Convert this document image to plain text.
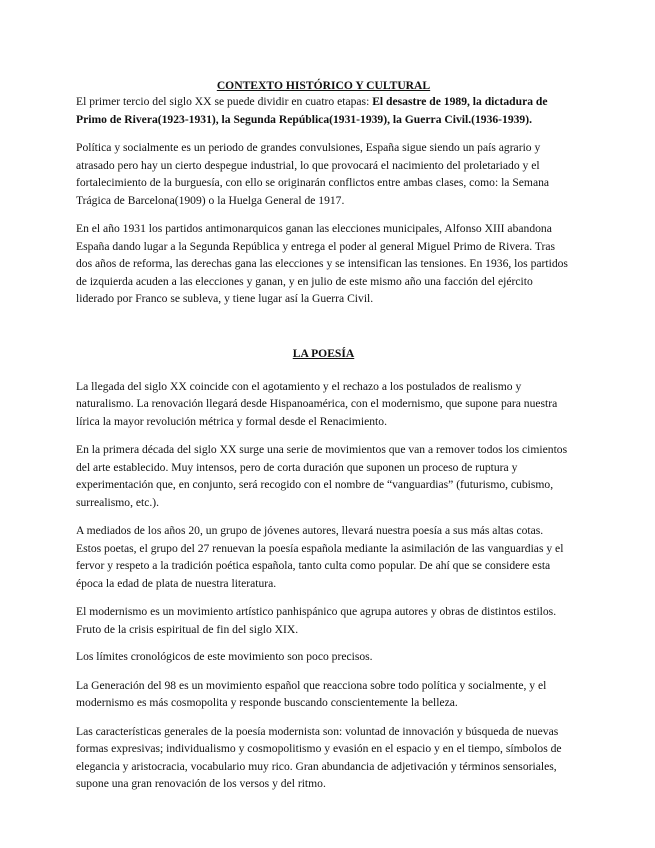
CONTEXTO HISTÓRICO Y CULTURAL

El primer tercio del siglo XX se puede dividir en cuatro etapas: El desastre de 1989, la dictadura de Primo de Rivera(1923-1931), la Segunda República(1931-1939), la Guerra Civil.(1936-1939).

Política y socialmente es un periodo de grandes convulsiones, España sigue siendo un país agrario y atrasado pero hay un cierto despegue industrial, lo que provocará el nacimiento del proletariado y el fortalecimiento de la burguesía, con ello se originarán conflictos entre ambas clases, como: la Semana Trágica de Barcelona(1909) o la Huelga General de 1917.

En el año 1931 los partidos antimonarquicos ganan las elecciones municipales, Alfonso XIII abandona España dando lugar a la Segunda República y entrega el poder al general Miguel Primo de Rivera. Tras dos años de reforma, las derechas gana las elecciones y se intensifican las tensiones. En 1936, los partidos de izquierda acuden a las elecciones y ganan, y en julio de este mismo año una facción del ejército liderado por Franco se subleva, y tiene lugar así la Guerra Civil.

LA POESÍA

La llegada del siglo XX coincide con el agotamiento y el rechazo a los postulados de realismo y naturalismo. La renovación llegará desde Hispanoamérica, con el modernismo, que supone para nuestra lírica la mayor revolución métrica y formal desde el Renacimiento.

En la primera década del siglo XX surge una serie de movimientos que van a remover todos los cimientos del arte establecido. Muy intensos, pero de corta duración que suponen un proceso de ruptura y experimentación que, en conjunto, será recogido con el nombre de “vanguardias” (futurismo, cubismo, surrealismo, etc.).

A mediados de los años 20, un grupo de jóvenes autores, llevará nuestra poesía a sus más altas cotas. Estos poetas, el grupo del 27 renuevan la poesía española mediante la asimilación de las vanguardias y el fervor y respeto a la tradición poética española, tanto culta como popular. De ahí que se considere esta época la edad de plata de nuestra literatura.

El modernismo es un movimiento artístico panhispánico que agrupa autores y obras de distintos estilos. Fruto de la crisis espiritual de fin del siglo XIX.

Los límites cronológicos de este movimiento son poco precisos.

La Generación del 98 es un movimiento español que reacciona sobre todo política y socialmente, y el modernismo es más cosmopolita y responde buscando conscientemente la belleza.

Las características generales de la poesía modernista son: voluntad de innovación y búsqueda de nuevas formas expresivas; individualismo y cosmopolitismo y evasión en el espacio y en el tiempo, símbolos de elegancia y aristocracia, vocabulario muy rico. Gran abundancia de adjetivación y términos sensoriales, supone una gran renovación de los versos y del ritmo.
